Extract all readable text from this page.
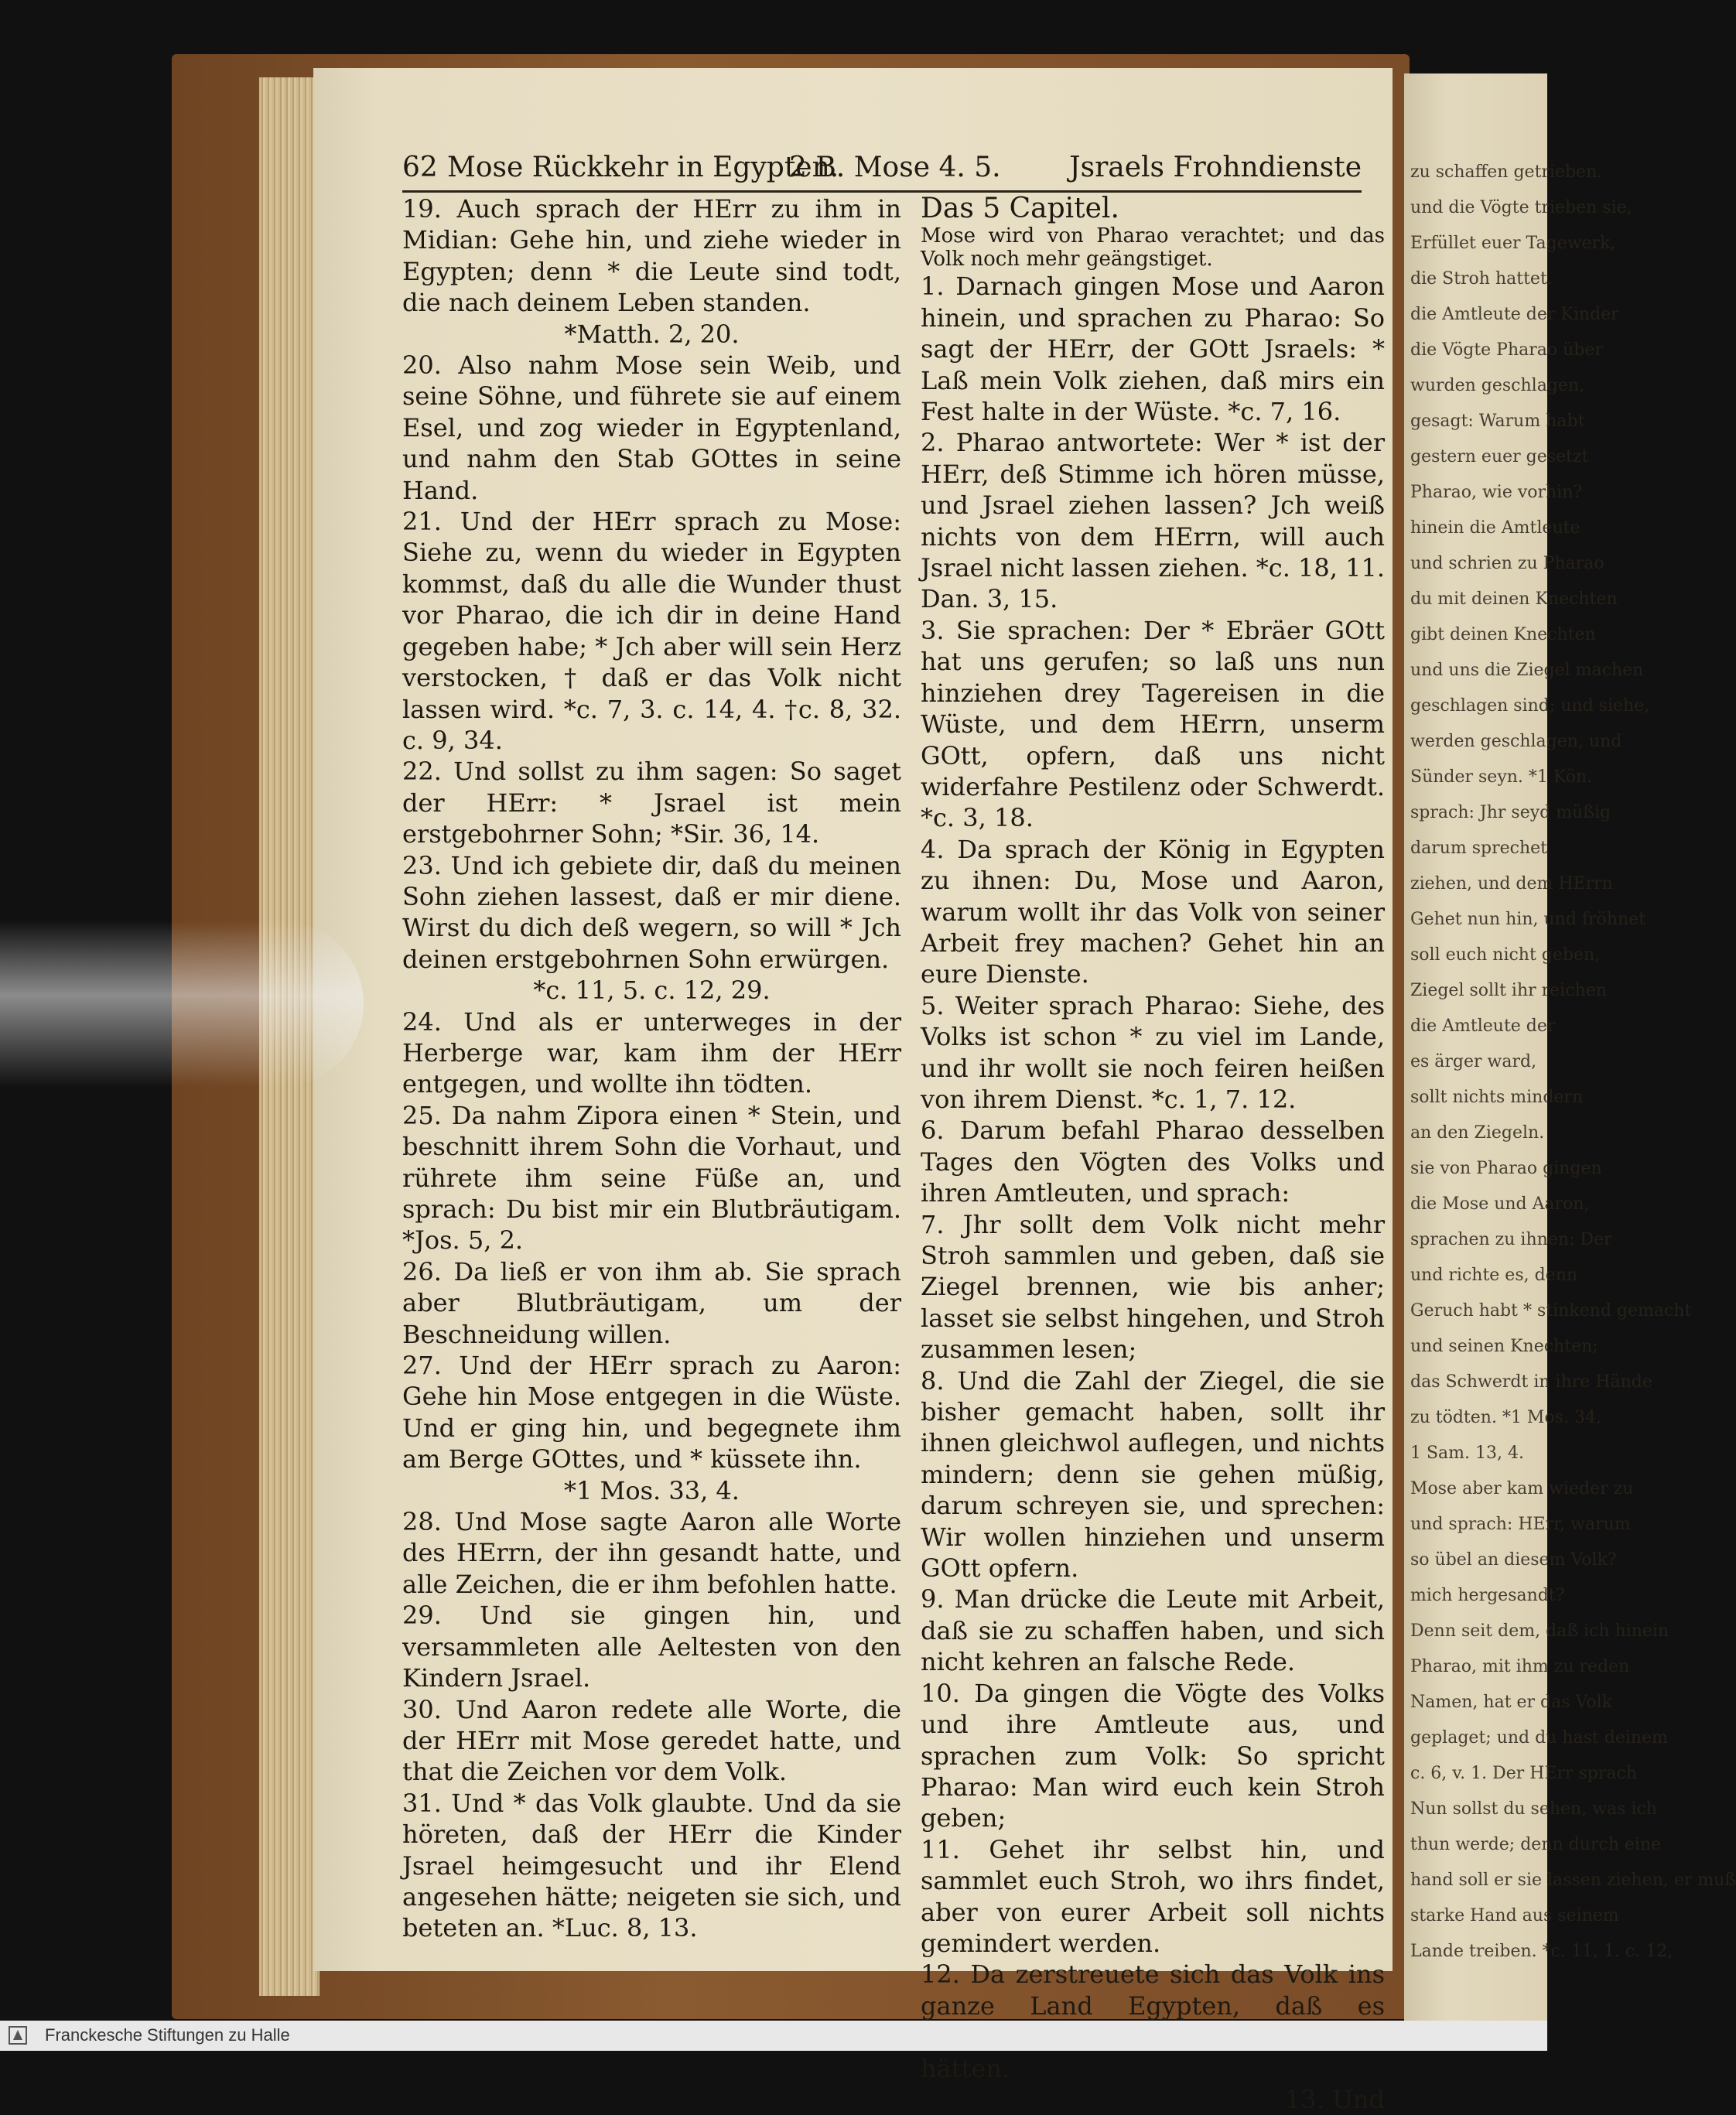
62 Mose Rückkehr in Egypten.
2 B. Mose 4. 5. Jsraels Frohndienste

19. Auch sprach der HErr zu ihm in Midian: Gehe hin, und ziehe wieder in Egypten; denn * die Leute sind todt, die nach deinem Leben standen.

*Matth. 2, 20.

20. Also nahm Mose sein Weib, und seine Söhne, und führete sie auf einem Esel, und zog wieder in Egyptenland, und nahm den Stab GOttes in seine Hand.

21. Und der HErr sprach zu Mose: Siehe zu, wenn du wieder in Egypten kommst, daß du alle die Wunder thust vor Pharao, die ich dir in deine Hand gegeben habe; * Jch aber will sein Herz verstocken, † daß er das Volk nicht lassen wird. *c. 7, 3. c. 14, 4. †c. 8, 32. c. 9, 34.

22. Und sollst zu ihm sagen: So saget der HErr: * Jsrael ist mein erstgebohrner Sohn; *Sir. 36, 14.

23. Und ich gebiete dir, daß du meinen Sohn ziehen lassest, daß er mir diene. Wirst du dich deß wegern, so will * Jch deinen erstgebohrnen Sohn erwürgen.

*c. 11, 5. c. 12, 29.

24. Und als er unterweges in der Herberge war, kam ihm der HErr entgegen, und wollte ihn tödten.

25. Da nahm Zipora einen * Stein, und beschnitt ihrem Sohn die Vorhaut, und rührete ihm seine Füße an, und sprach: Du bist mir ein Blutbräutigam. *Jos. 5, 2.

26. Da ließ er von ihm ab. Sie sprach aber Blutbräutigam, um der Beschneidung willen.

27. Und der HErr sprach zu Aaron: Gehe hin Mose entgegen in die Wüste. Und er ging hin, und begegnete ihm am Berge GOttes, und * küssete ihn.

*1 Mos. 33, 4.

28. Und Mose sagte Aaron alle Worte des HErrn, der ihn gesandt hatte, und alle Zeichen, die er ihm befohlen hatte.

29. Und sie gingen hin, und versammleten alle Aeltesten von den Kindern Jsrael.

30. Und Aaron redete alle Worte, die der HErr mit Mose geredet hatte, und that die Zeichen vor dem Volk.

31. Und * das Volk glaubte. Und da sie höreten, daß der HErr die Kinder Jsrael heimgesucht und ihr Elend angesehen hätte; neigeten sie sich, und beteten an. *Luc. 8, 13.

Das 5 Capitel.

Mose wird von Pharao verachtet; und das Volk noch mehr geängstiget.

1. Darnach gingen Mose und Aaron hinein, und sprachen zu Pharao: So sagt der HErr, der GOtt Jsraels: * Laß mein Volk ziehen, daß mirs ein Fest halte in der Wüste. *c. 7, 16.

2. Pharao antwortete: Wer * ist der HErr, deß Stimme ich hören müsse, und Jsrael ziehen lassen? Jch weiß nichts von dem HErrn, will auch Jsrael nicht lassen ziehen. *c. 18, 11. Dan. 3, 15.

3. Sie sprachen: Der * Ebräer GOtt hat uns gerufen; so laß uns nun hinziehen drey Tagereisen in die Wüste, und dem HErrn, unserm GOtt, opfern, daß uns nicht widerfahre Pestilenz oder Schwerdt. *c. 3, 18.

4. Da sprach der König in Egypten zu ihnen: Du, Mose und Aaron, warum wollt ihr das Volk von seiner Arbeit frey machen? Gehet hin an eure Dienste.

5. Weiter sprach Pharao: Siehe, des Volks ist schon * zu viel im Lande, und ihr wollt sie noch feiren heißen von ihrem Dienst. *c. 1, 7. 12.

6. Darum befahl Pharao desselben Tages den Vögten des Volks und ihren Amtleuten, und sprach:

7. Jhr sollt dem Volk nicht mehr Stroh sammlen und geben, daß sie Ziegel brennen, wie bis anher; lasset sie selbst hingehen, und Stroh zusammen lesen;

8. Und die Zahl der Ziegel, die sie bisher gemacht haben, sollt ihr ihnen gleichwol auflegen, und nichts mindern; denn sie gehen müßig, darum schreyen sie, und sprechen: Wir wollen hinziehen und unserm GOtt opfern.

9. Man drücke die Leute mit Arbeit, daß sie zu schaffen haben, und sich nicht kehren an falsche Rede.

10. Da gingen die Vögte des Volks und ihre Amtleute aus, und sprachen zum Volk: So spricht Pharao: Man wird euch kein Stroh geben;

11. Gehet ihr selbst hin, und sammlet euch Stroh, wo ihrs findet, aber von eurer Arbeit soll nichts gemindert werden.

12. Da zerstreuete sich das Volk ins ganze Land Egypten, daß es hätten.

13. Und

zu schaffen getrieben.
und die Vögte trieben sie,
Erfüllet euer Tagewerk,
die Stroh hattet.
die Amtleute der Kinder
die Vögte Pharao über
wurden geschlagen,
gesagt: Warum habt
gestern euer gesetzt
Pharao, wie vorhin?
hinein die Amtleute
und schrien zu Pharao
du mit deinen Knechten
gibt deinen Knechten
und uns die Ziegel machen
geschlagen sind; und siehe,
werden geschlagen, und
Sünder seyn. *1 Kön.
sprach: Jhr seyd müßig
darum sprechet
ziehen, und dem HErrn
Gehet nun hin, und fröhnet
soll euch nicht geben,
Ziegel sollt ihr reichen
die Amtleute der
es ärger ward,
sollt nichts mindern
an den Ziegeln.
sie von Pharao gingen
die Mose und Aaron,
sprachen zu ihnen: Der
und richte es, denn
Geruch habt * stinkend gemacht
und seinen Knechten;
das Schwerdt in ihre Hände
zu tödten. *1 Mos. 34,
1 Sam. 13, 4.
Mose aber kam wieder zu
und sprach: HErr, warum
so übel an diesem Volk?
mich hergesandt?
Denn seit dem, daß ich hinein
Pharao, mit ihm zu reden
Namen, hat er das Volk
geplaget; und du hast deinem
c. 6, v. 1. Der HErr sprach
Nun sollst du sehen, was ich
thun werde; denn durch eine
hand soll er sie lassen ziehen, er muß
starke Hand aus seinem
Lande treiben. *c. 11, 1. c. 12,
Franckesche Stiftungen zu Halle
